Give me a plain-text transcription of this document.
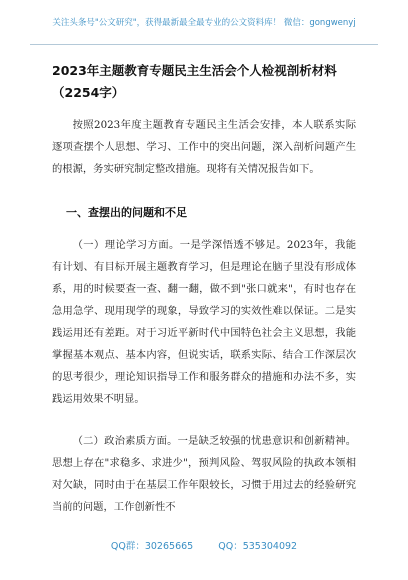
关注头条号"公文研究"，获得最新最全最专业的公文资料库！ 微信：gongwenyj
2023年主题教育专题民主生活会个人检视剖析材料（2254字）

按照2023年度主题教育专题民主生活会安排，本人联系实际逐项查摆个人思想、学习、工作中的突出问题，深入剖析问题产生的根源，务实研究制定整改措施。现将有关情况报告如下。

一、查摆出的问题和不足

（一）理论学习方面。一是学深悟透不够足。2023年，我能有计划、有目标开展主题教育学习，但是理论在脑子里没有形成体系，用的时候要查一查、翻一翻，做不到"张口就来"，有时也存在急用急学、现用现学的现象，导致学习的实效性难以保证。二是实践运用还有差距。对于习近平新时代中国特色社会主义思想，我能掌握基本观点、基本内容，但说实话，联系实际、结合工作深层次的思考很少，理论知识指导工作和服务群众的措施和办法不多，实践运用效果不明显。

（二）政治素质方面。一是缺乏较强的忧患意识和创新精神。思想上存在"求稳多、求进少"，预判风险、驾驭风险的执政本领相对欠缺，同时由于在基层工作年限较长，习惯于用过去的经验研究当前的问题，工作创新性不

QQ群：30265665	QQ：535304092
